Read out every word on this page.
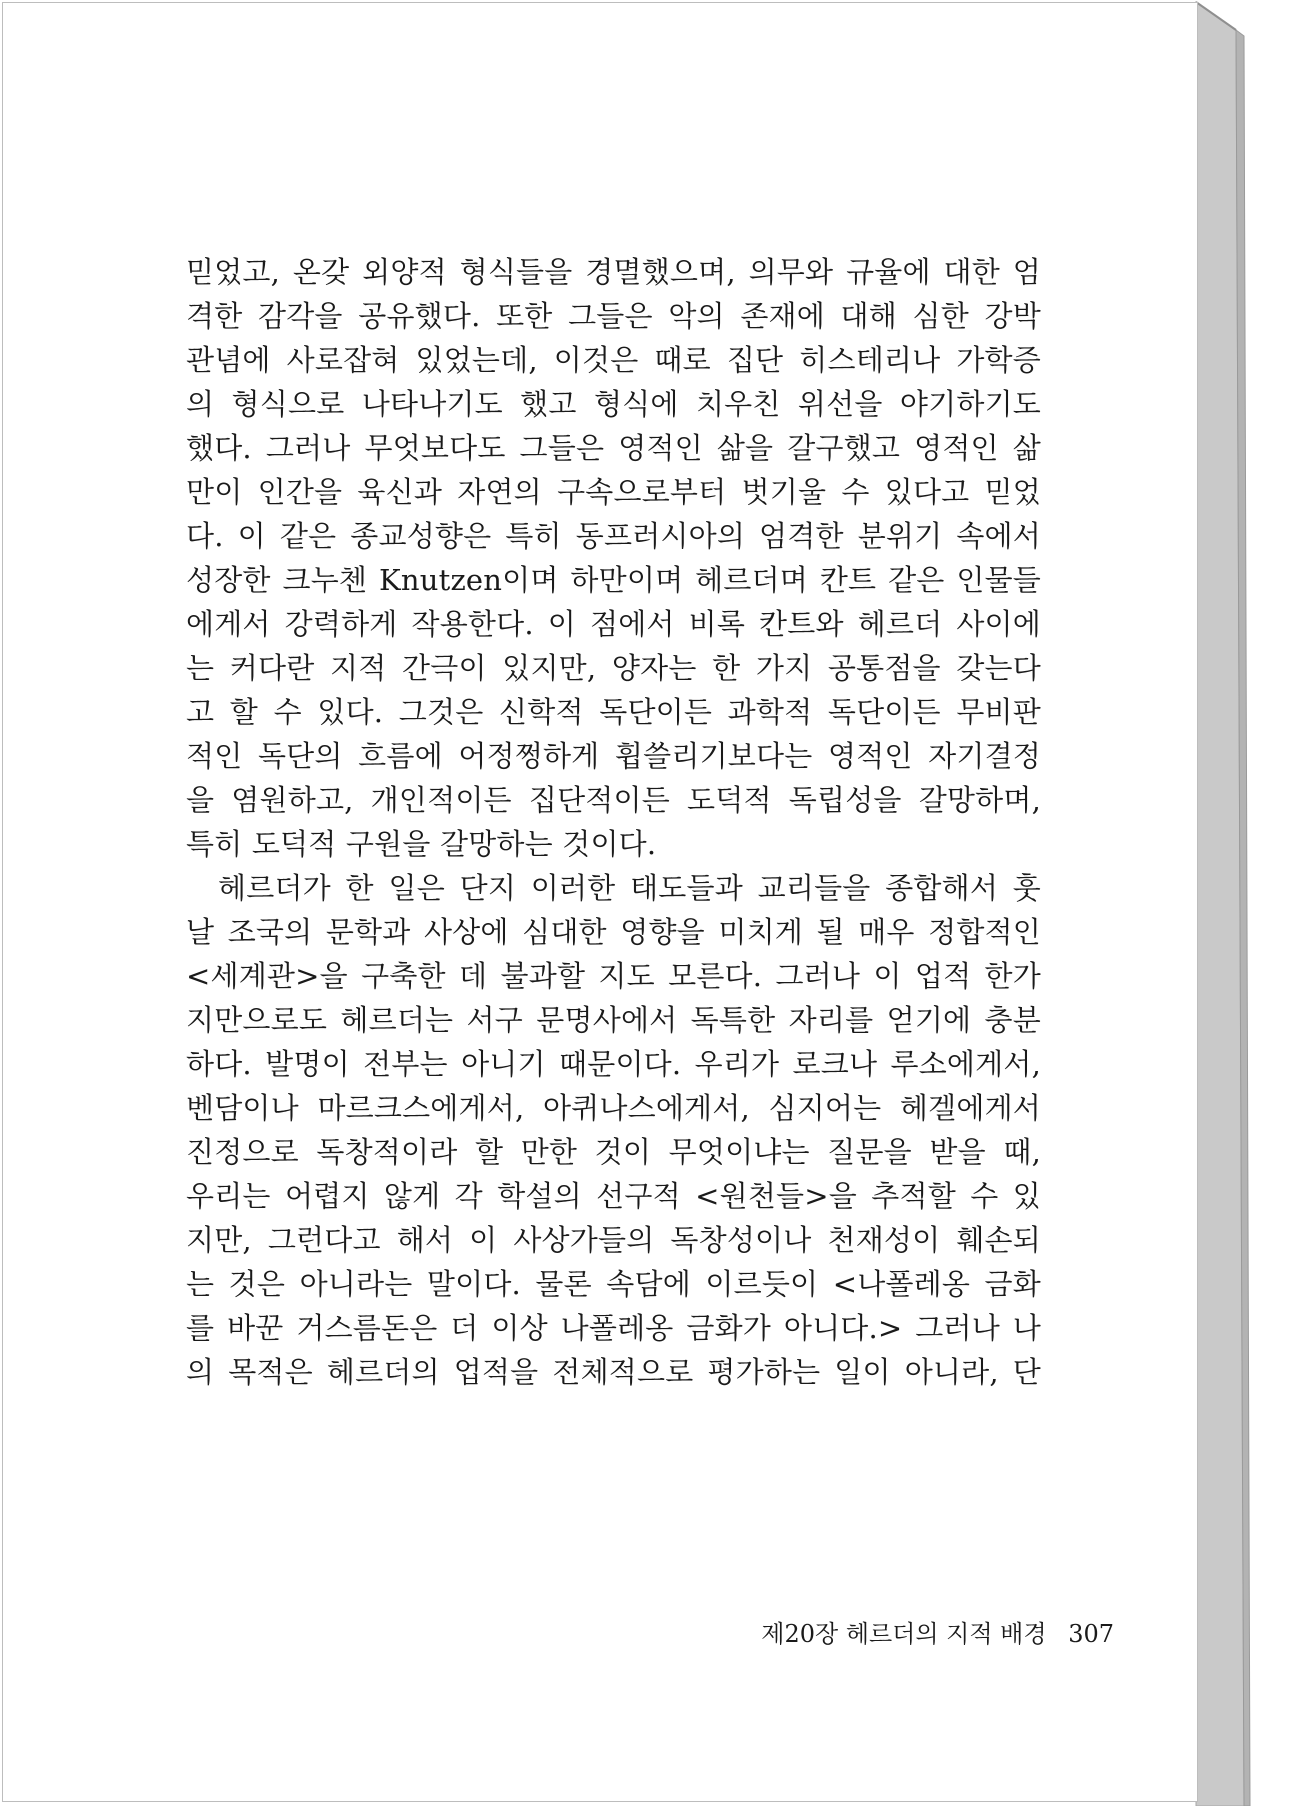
믿었고, 온갖 외양적 형식들을 경멸했으며, 의무와 규율에 대한 엄
격한 감각을 공유했다. 또한 그들은 악의 존재에 대해 심한 강박
관념에 사로잡혀 있었는데, 이것은 때로 집단 히스테리나 가학증
의 형식으로 나타나기도 했고 형식에 치우친 위선을 야기하기도
했다. 그러나 무엇보다도 그들은 영적인 삶을 갈구했고 영적인 삶
만이 인간을 육신과 자연의 구속으로부터 벗기울 수 있다고 믿었
다. 이 같은 종교성향은 특히 동프러시아의 엄격한 분위기 속에서
성장한 크누첸 Knutzen이며 하만이며 헤르더며 칸트 같은 인물들
에게서 강력하게 작용한다. 이 점에서 비록 칸트와 헤르더 사이에
는 커다란 지적 간극이 있지만, 양자는 한 가지 공통점을 갖는다
고 할 수 있다. 그것은 신학적 독단이든 과학적 독단이든 무비판
적인 독단의 흐름에 어정쩡하게 휩쓸리기보다는 영적인 자기결정
을 염원하고, 개인적이든 집단적이든 도덕적 독립성을 갈망하며,
특히 도덕적 구원을 갈망하는 것이다.
헤르더가 한 일은 단지 이러한 태도들과 교리들을 종합해서 훗
날 조국의 문학과 사상에 심대한 영향을 미치게 될 매우 정합적인
<세계관>을 구축한 데 불과할 지도 모른다. 그러나 이 업적 한가
지만으로도 헤르더는 서구 문명사에서 독특한 자리를 얻기에 충분
하다. 발명이 전부는 아니기 때문이다. 우리가 로크나 루소에게서,
벤담이나 마르크스에게서, 아퀴나스에게서, 심지어는 헤겔에게서
진정으로 독창적이라 할 만한 것이 무엇이냐는 질문을 받을 때,
우리는 어렵지 않게 각 학설의 선구적 <원천들>을 추적할 수 있
지만, 그런다고 해서 이 사상가들의 독창성이나 천재성이 훼손되
는 것은 아니라는 말이다. 물론 속담에 이르듯이 <나폴레옹 금화
를 바꾼 거스름돈은 더 이상 나폴레옹 금화가 아니다.> 그러나 나
의 목적은 헤르더의 업적을 전체적으로 평가하는 일이 아니라, 단
제20장 헤르더의 지적 배경 307
